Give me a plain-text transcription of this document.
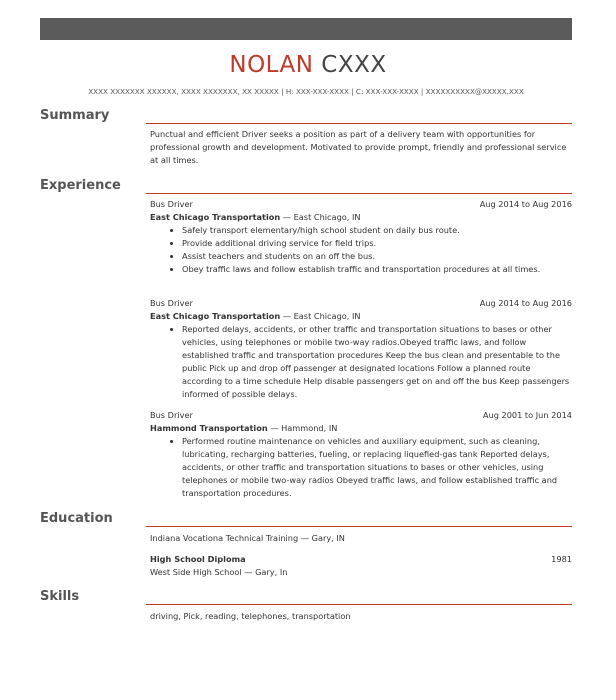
NOLAN CXXX
XXXX XXXXXXX XXXXXX, XXXX XXXXXXX, XX XXXXX | H: XXX-XXX-XXXX | C: XXX-XXX-XXXX | XXXXXXXXXX@XXXXX.XXX
Summary
Punctual and efficient Driver seeks a position as part of a delivery team with opportunities for professional growth and development. Motivated to provide prompt, friendly and professional service at all times.
Experience
Bus Driver	Aug 2014 to Aug 2016
East Chicago Transportation — East Chicago, IN
• Safely transport elementary/high school student on daily bus route.
• Provide additional driving service for field trips.
• Assist teachers and students on an off the bus.
• Obey traffic laws and follow establish traffic and transportation procedures at all times.
Bus Driver	Aug 2014 to Aug 2016
East Chicago Transportation — East Chicago, IN
• Reported delays, accidents, or other traffic and transportation situations to bases or other vehicles, using telephones or mobile two-way radios.Obeyed traffic laws, and follow established traffic and transportation procedures Keep the bus clean and presentable to the public Pick up and drop off passenger at designated locations Follow a planned route according to a time schedule Help disable passengers get on and off the bus Keep passengers informed of possible delays.
Bus Driver	Aug 2001 to Jun 2014
Hammond Transportation — Hammond, IN
• Performed routine maintenance on vehicles and auxiliary equipment, such as cleaning, lubricating, recharging batteries, fueling, or replacing liquefied-gas tank Reported delays, accidents, or other traffic and transportation situations to bases or other vehicles, using telephones or mobile two-way radios Obeyed traffic laws, and follow established traffic and transportation procedures.
Education
Indiana Vocationa Technical Training — Gary, IN
High School Diploma	1981
West Side High School — Gary, In
Skills
driving, Pick, reading, telephones, transportation
